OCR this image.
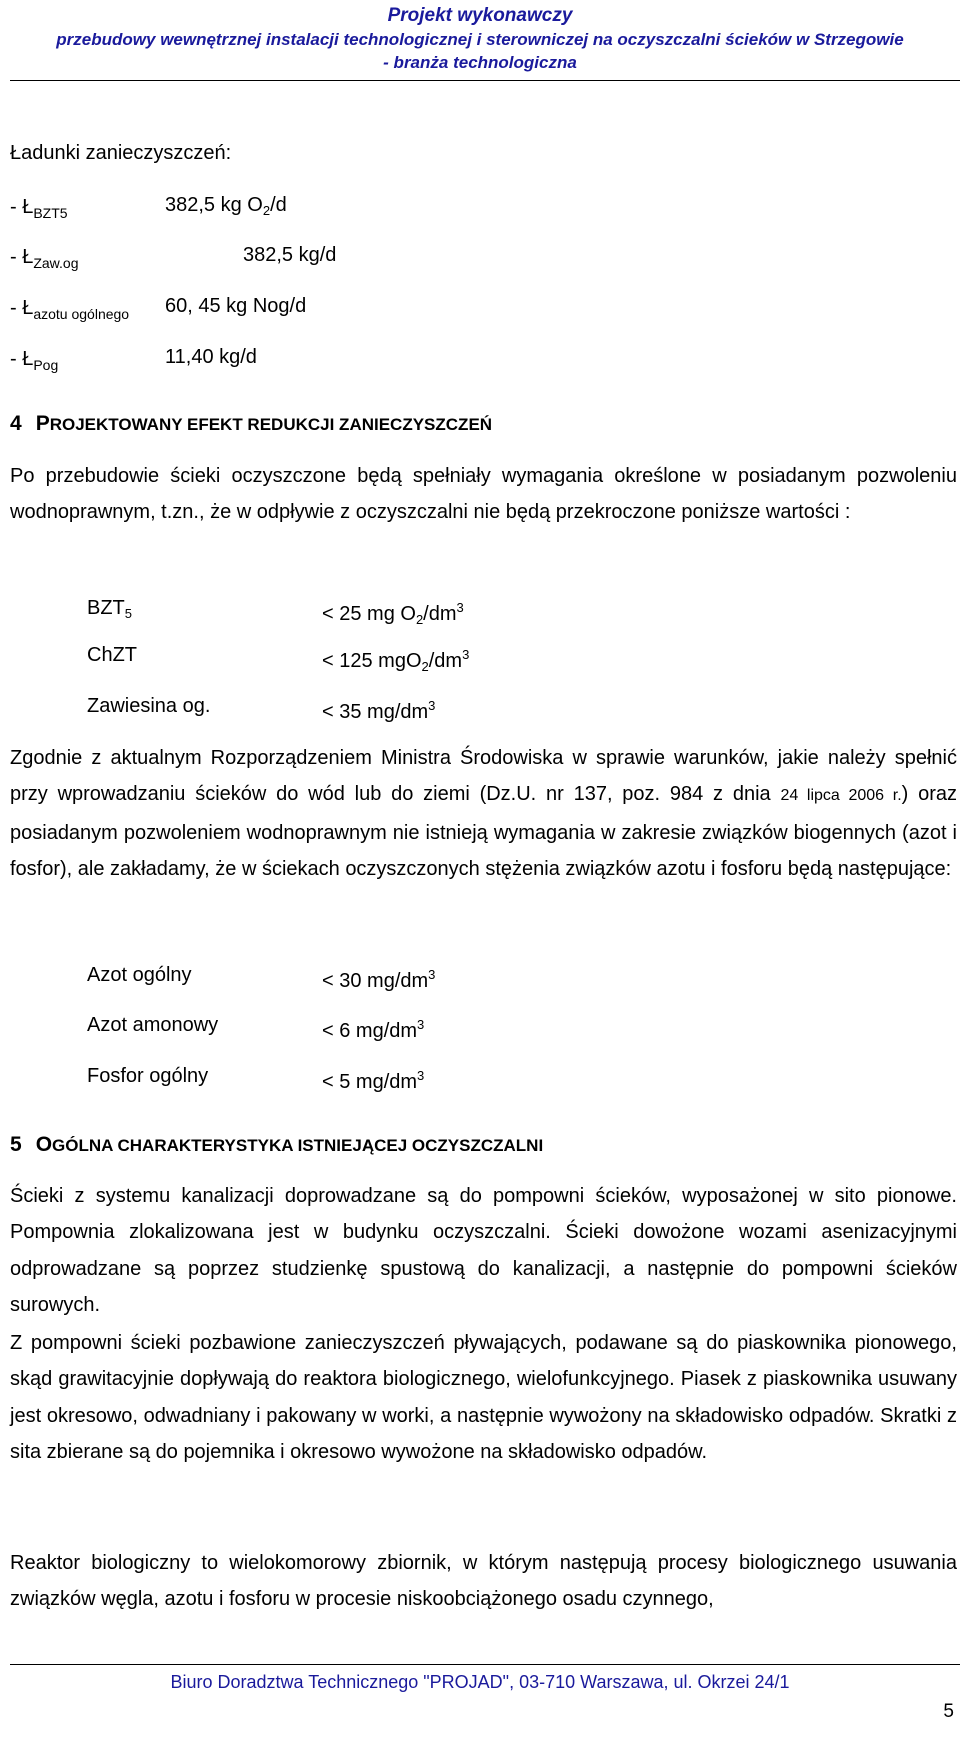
Projekt wykonawczy
przebudowy wewnętrznej instalacji technologicznej i sterowniczej na oczyszczalni ścieków w Strzegowie
- branża technologiczna
Ładunki zanieczyszczeń:
- $Ł_{BZT5}$	382,5 kg $O_2/d$
- $Ł_{Zaw.og}$	382,5 kg/d
- $Ł_{azotu ogólnego}$ 60, 45 kg Nog/d
- $Ł_{Pog}$	11,40 kg/d
4 PROJEKTOWANY EFEKT REDUKCJI ZANIECZYSZCZEŃ

Po przebudowie ścieki oczyszczone będą spełniały wymagania określone w posiadanym pozwoleniu wodnoprawnym, t.zn., że w odpływie z oczyszczalni nie będą przekroczone poniższe wartości :

$BZT_5$	< 25 mg $O_2/dm^3$
ChZT	< 125 $mgO_2/dm^3$
Zawiesina og.	< 35 $mg/dm^3$

Zgodnie z aktualnym Rozporządzeniem Ministra Środowiska w sprawie warunków, jakie należy spełnić przy wprowadzaniu ścieków do wód lub do ziemi (Dz.U. nr 137, poz. 984 z dnia 24 lipca 2006 r.) oraz posiadanym pozwoleniem wodnoprawnym nie istnieją wymagania w zakresie związków biogennych (azot i fosfor), ale zakładamy, że w ściekach oczyszczonych stężenia związków azotu i fosforu będą następujące:

Azot ogólny	< 30 $mg/dm^3$
Azot amonowy	< 6 $mg/dm^3$
Fosfor ogólny	< 5 $mg/dm^3$
5 OGÓLNA CHARAKTERYSTYKA ISTNIEJĄCEJ OCZYSZCZALNI

Ścieki z systemu kanalizacji doprowadzane są do pompowni ścieków, wyposażonej w sito pionowe. Pompownia zlokalizowana jest w budynku oczyszczalni. Ścieki dowożone wozami asenizacyjnymi odprowadzane są poprzez studzienkę spustową do kanalizacji, a następnie do pompowni ścieków surowych.

Z pompowni ścieki pozbawione zanieczyszczeń pływających, podawane są do piaskownika pionowego, skąd grawitacyjnie dopływają do reaktora biologicznego, wielofunkcyjnego. Piasek z piaskownika usuwany jest okresowo, odwadniany i pakowany w worki, a następnie wywożony na składowisko odpadów. Skratki z sita zbierane są do pojemnika i okresowo wywożone na składowisko odpadów.

Reaktor biologiczny to wielokomorowy zbiornik, w którym następują procesy biologicznego usuwania związków węgla, azotu i fosforu w procesie niskoobciążonego osadu czynnego,

Biuro Doradztwa Technicznego "PROJAD", 03-710 Warszawa, ul. Okrzei 24/1
5
